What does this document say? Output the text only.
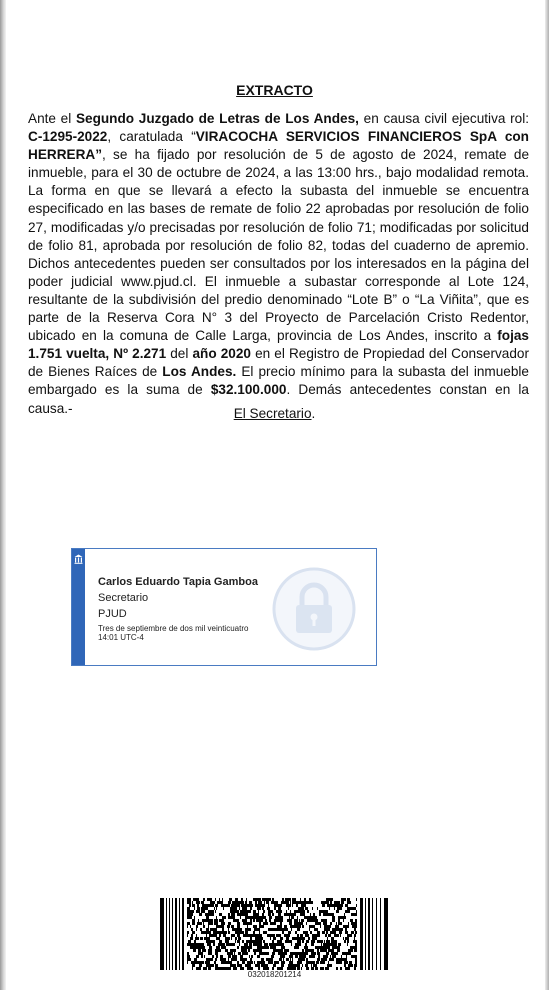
EXTRACTO
Ante el Segundo Juzgado de Letras de Los Andes, en causa civil ejecutiva rol: C-1295-2022, caratulada “VIRACOCHA SERVICIOS FINANCIEROS SpA con HERRERA”, se ha fijado por resolución de 5 de agosto de 2024, remate de inmueble, para el 30 de octubre de 2024, a las 13:00 hrs., bajo modalidad remota. La forma en que se llevará a efecto la subasta del inmueble se encuentra especificado en las bases de remate de folio 22 aprobadas por resolución de folio 27, modificadas y/o precisadas por resolución de folio 71; modificadas por solicitud de folio 81, aprobada por resolución de folio 82, todas del cuaderno de apremio. Dichos antecedentes pueden ser consultados por los interesados en la página del poder judicial www.pjud.cl. El inmueble a subastar corresponde al Lote 124, resultante de la subdivisión del predio denominado “Lote B” o “La Viñita”, que es parte de la Reserva Cora N° 3 del Proyecto de Parcelación Cristo Redentor, ubicado en la comuna de Calle Larga, provincia de Los Andes, inscrito a fojas 1.751 vuelta, Nº 2.271 del año 2020 en el Registro de Propiedad del Conservador de Bienes Raíces de Los Andes. El precio mínimo para la subasta del inmueble embargado es la suma de $32.100.000. Demás antecedentes constan en la causa.-	El Secretario.
Carlos Eduardo Tapia Gamboa
Secretario
PJUD
Tres de septiembre de dos mil veinticuatro
14:01 UTC-4
032018201214
